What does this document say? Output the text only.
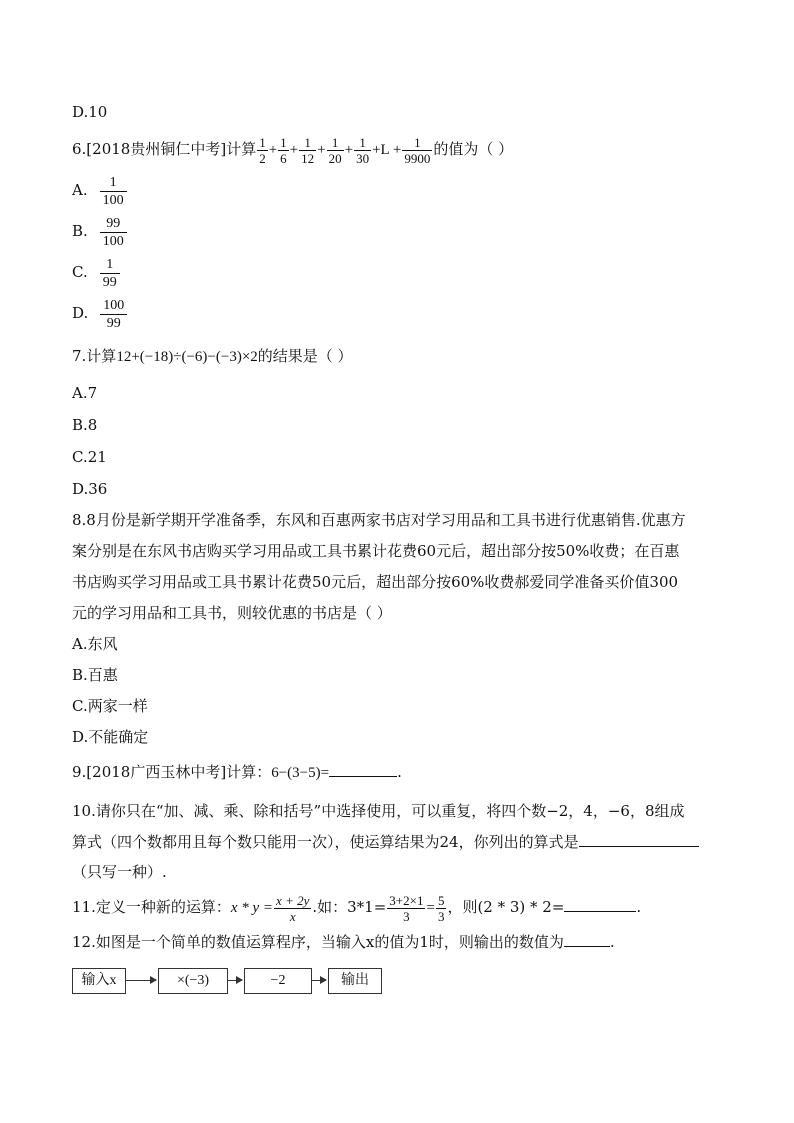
D.10
6.[2018贵州铜仁中考]计算 $\frac{1}{2} + \frac{1}{6} + \frac{1}{12} + \frac{1}{20} + \frac{1}{30} +L + \frac{1}{9900}$ 的值为（ ）
A. $\frac{1}{100}$
B. $\frac{99}{100}$
C. $\frac{1}{99}$
D. $\frac{100}{99}$
7.计算12+(−18)÷(−6)−(−3)×2的结果是（ ）
A.7
B.8
C.21
D.36
8.8月份是新学期开学准备季，东风和百惠两家书店对学习用品和工具书进行优惠销售.优惠方
案分别是在东风书店购买学习用品或工具书累计花费60元后，超出部分按50%收费；在百惠
书店购买学习用品或工具书累计花费50元后，超出部分按60%收费郝爱同学准备买价值300
元的学习用品和工具书，则较优惠的书店是（ ）
A.东风
B.百惠
C.两家一样
D.不能确定
9.[2018广西玉林中考]计算：6−(3−5)=	.
10.请你只在“加、减、乘、除和括号”中选择使用，可以重复，将四个数−2，4，−6，8组成
算式（四个数都用且每个数只能用一次），使运算结果为24，你列出的算式是
（只写一种）.
11.定义一种新的运算：$x * y = \frac{x + 2y}{x}$ .如：$3*1= \frac{3+2\times 1}{3} = \frac{5}{3}$ ，则(2 * 3) * 2=	.
12.如图是一个简单的数值运算程序，当输入x的值为1时，则输出的数值为	.
输入x	×(−3)	−2	输出
